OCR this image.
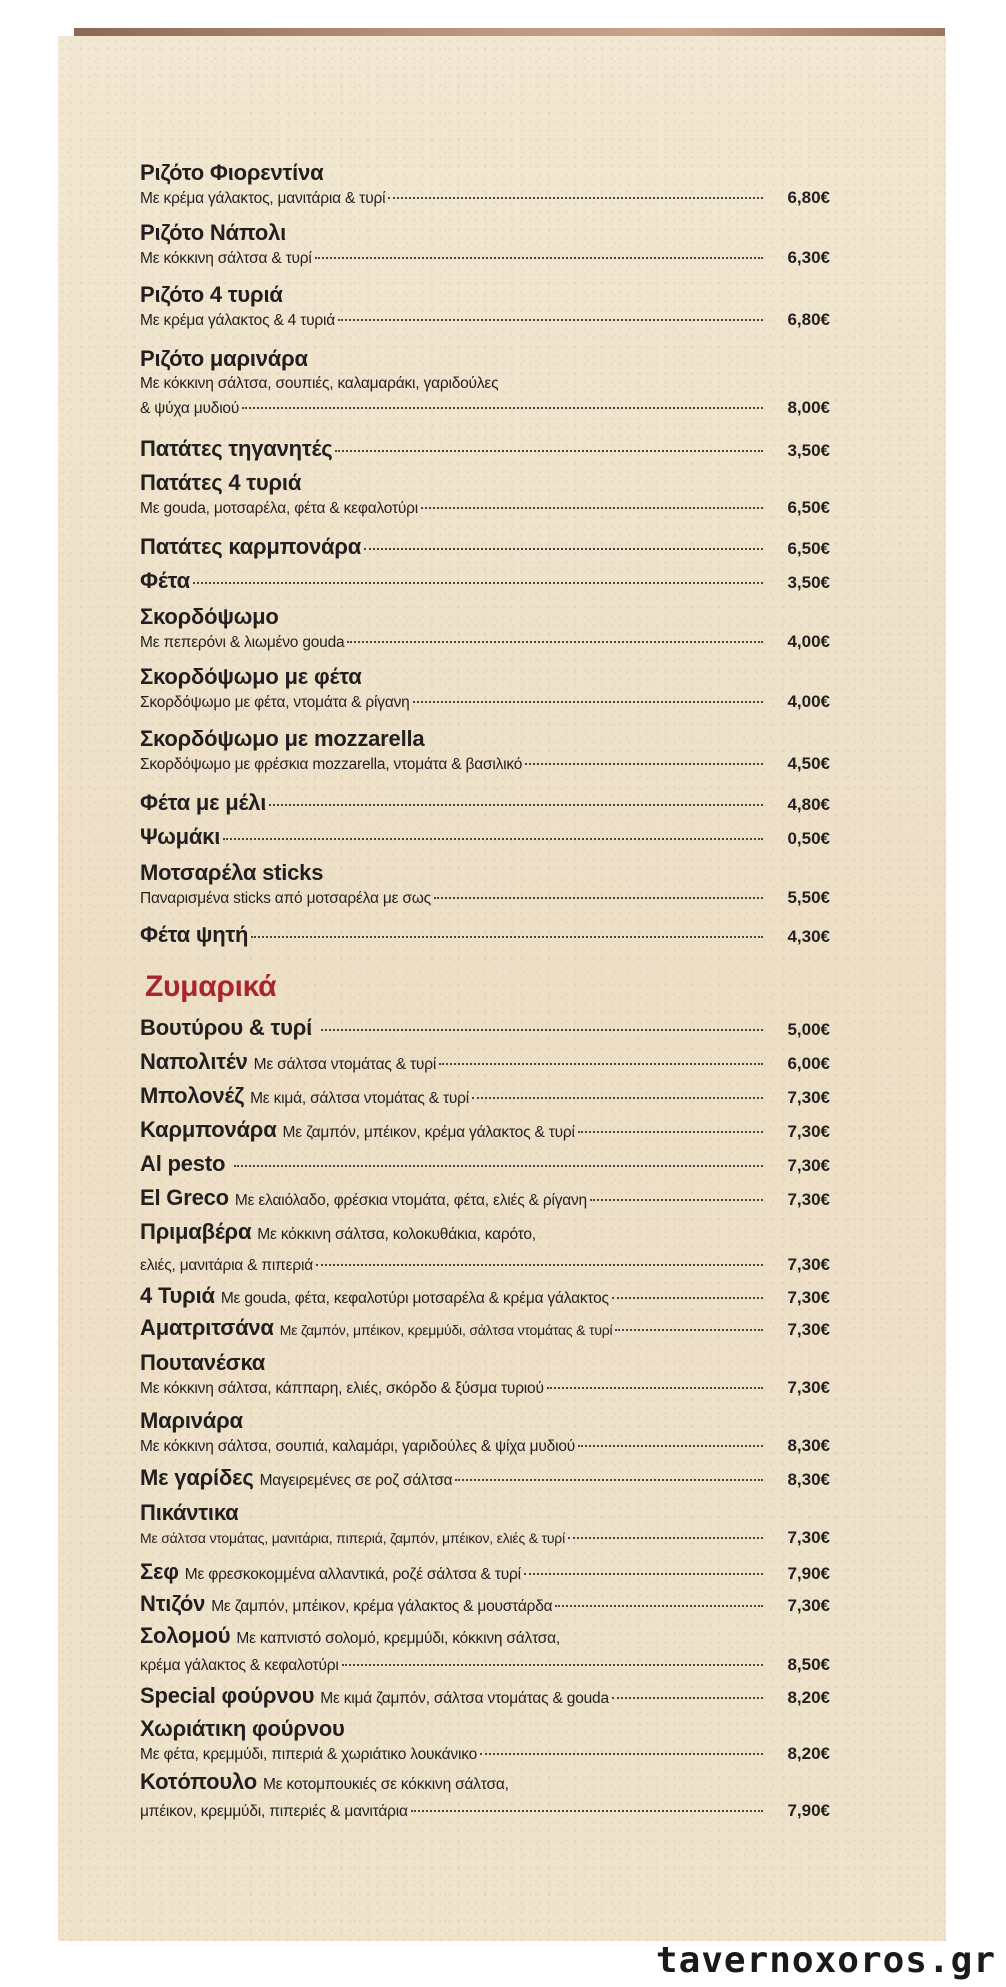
Ριζότο Φιορεντίνα
Με κρέμα γάλακτος, μανιτάρια & τυρί	6,80€
Ριζότο Νάπολι
Με κόκκινη σάλτσα & τυρί	6,30€
Ριζότο 4 τυριά
Με κρέμα γάλακτος & 4 τυριά	6,80€
Ριζότο μαρινάρα
Με κόκκινη σάλτσα, σουπιές, καλαμαράκι, γαριδούλες
& ψύχα μυδιού	8,00€
Πατάτες τηγανητές	3,50€
Πατάτες 4 τυριά
Με gouda, μοτσαρέλα, φέτα & κεφαλοτύρι	6,50€
Πατάτες καρμπονάρα	6,50€
Φέτα	3,50€
Σκορδόψωμο
Με πεπερόνι & λιωμένο gouda	4,00€
Σκορδόψωμο με φέτα
Σκορδόψωμο με φέτα, ντομάτα & ρίγανη	4,00€
Σκορδόψωμο με mozzarella
Σκορδόψωμο με φρέσκια mozzarella, ντομάτα & βασιλικό	4,50€
Φέτα με μέλι	4,80€
Ψωμάκι	0,50€
Μοτσαρέλα sticks
Παναρισμένα sticks από μοτσαρέλα με σως	5,50€
Φέτα ψητή	4,30€
Ζυμαρικά
Βουτύρου & τυρί	5,00€
Ναπολιτέν Με σάλτσα ντομάτας & τυρί	6,00€
Μπολονέζ Με κιμά, σάλτσα ντομάτας & τυρί	7,30€
Καρμπονάρα Με ζαμπόν, μπέικον, κρέμα γάλακτος & τυρί	7,30€
Al pesto	7,30€
El Greco Με ελαιόλαδο, φρέσκια ντομάτα, φέτα, ελιές & ρίγανη	7,30€
Πριμαβέρα Με κόκκινη σάλτσα, κολοκυθάκια, καρότο,
ελιές, μανιτάρια & πιπεριά	7,30€
4 Τυριά Με gouda, φέτα, κεφαλοτύρι μοτσαρέλα & κρέμα γάλακτος	7,30€
Αματριτσάνα Με ζαμπόν, μπέικον, κρεμμύδι, σάλτσα ντομάτας & τυρί	7,30€
Πουτανέσκα
Με κόκκινη σάλτσα, κάππαρη, ελιές, σκόρδο & ξύσμα τυριού	7,30€
Μαρινάρα
Με κόκκινη σάλτσα, σουπιά, καλαμάρι, γαριδούλες & ψίχα μυδιού	8,30€
Με γαρίδες Μαγειρεμένες σε ροζ σάλτσα	8,30€
Πικάντικα
Με σάλτσα ντομάτας, μανιτάρια, πιπεριά, ζαμπόν, μπέικον, ελιές & τυρί	7,30€
Σεφ Με φρεσκοκομμένα αλλαντικά, ροζέ σάλτσα & τυρί	7,90€
Ντιζόν Με ζαμπόν, μπέικον, κρέμα γάλακτος & μουστάρδα	7,30€
Σολομού Με καπνιστό σολομό, κρεμμύδι, κόκκινη σάλτσα,
κρέμα γάλακτος & κεφαλοτύρι	8,50€
Special φούρνου Με κιμά ζαμπόν, σάλτσα ντομάτας & gouda	8,20€
Χωριάτικη φούρνου
Με φέτα, κρεμμύδι, πιπεριά & χωριάτικο λουκάνικο	8,20€
Κοτόπουλο Με κοτομπουκιές σε κόκκινη σάλτσα,
μπέικον, κρεμμύδι, πιπεριές & μανιτάρια	7,90€
tavernoxoros.gr
